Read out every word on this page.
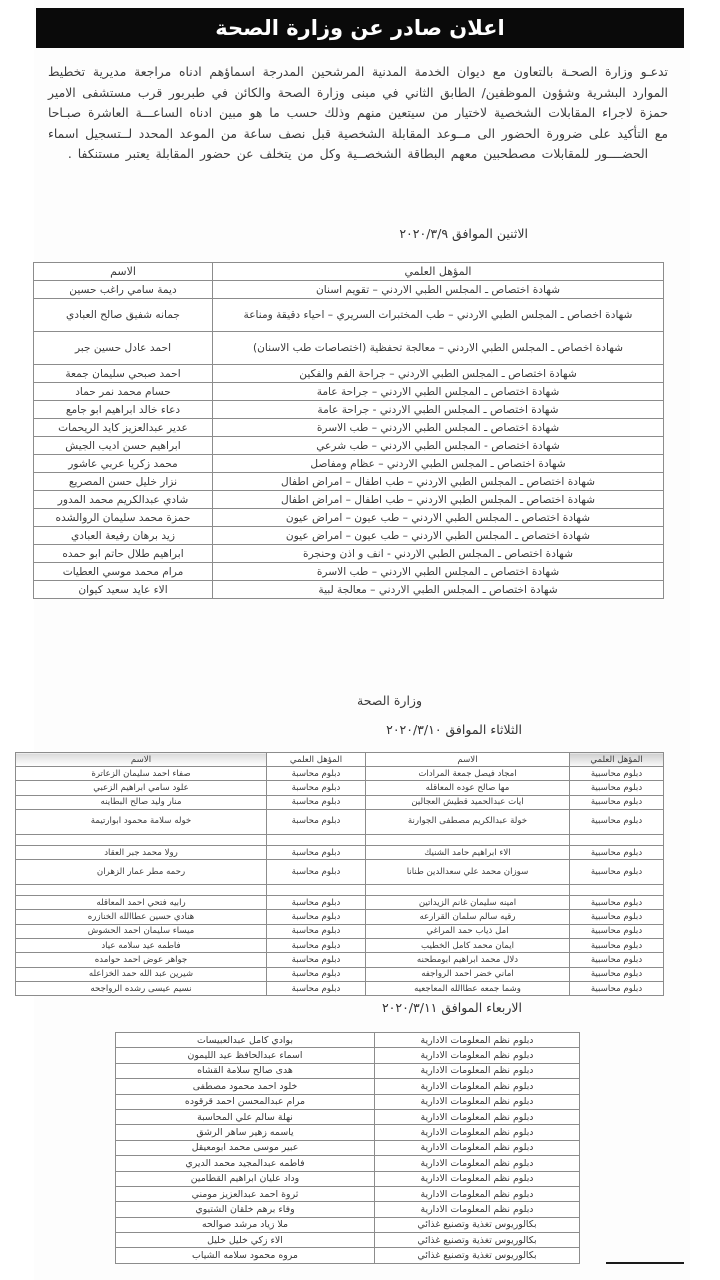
اعلان صادر عن وزارة الصحة
تدعـو وزارة الصحـة بالتعاون مع ديوان الخدمة المدنية المرشحين المدرجة اسماؤهم ادناه مراجعة مديرية تخطيط الموارد البشرية وشؤون الموظفين/ الطابق الثاني في مبنى وزارة الصحة والكائن في طبربور قرب مستشفى الامير حمزة لاجراء المقابلات الشخصية لاختيار من سيتعين منهم وذلك حسب ما هو مبين ادناه الساعـــة العاشرة صبـاحا مع التأكيد على ضرورة الحضور الى مــوعد المقابلة الشخصية قبل نصف ساعة من الموعد المحدد لــتسجيل اسماء الحضــــور للمقابلات مصطحبين معهم البطاقة الشخصــية وكل من يتخلف عن حضور المقابلة يعتبر مستنكفا .
الاثنين الموافق ٢٠٢٠/٣/٩
المؤهل العلمي	الاسم
شهادة اختصاص ـ المجلس الطبي الاردني – تقويم اسنان	ديمة سامي راغب حسين
شهادة اخصاص ـ المجلس الطبي الاردني – طب المختبرات السريري – احياء دقيقة ومناعة	جمانه شفيق صالح العبادي
شهادة اخصاص ـ المجلس الطبي الاردني – معالجة تحفظية (اختصاصات طب الاسنان)	احمد عادل حسين جبر
شهادة اختصاص ـ المجلس الطبي الاردني – جراحة الفم والفكين	احمد صبحي سليمان جمعة
شهادة اختصاص ـ المجلس الطبي الاردني – جراحة عامة	حسام محمد نمر حماد
شهادة اختصاص ـ المجلس الطبي الاردني - جراحة عامة	دعاء خالد ابراهيم ابو جامع
شهادة اختصاص ـ المجلس الطبي الاردني – طب الاسرة	عدير عبدالعزيز كايد الريحمات
شهادة اختصاص - المجلس الطبي الاردني – طب شرعي	ابراهيم حسن اديب الجيش
شهادة اختصاص ـ المجلس الطبي الاردني – عظام ومفاصل	محمد زكريا عربي عاشور
شهادة اختصاص ـ المجلس الطبي الاردني – طب اطفال – امراض اطفال	نزار خليل حسن المصريع
شهادة اختصاص ـ المجلس الطبي الاردني – طب اطفال – امراض اطفال	شادي عبدالكريم محمد المدور
شهادة اختصاص ـ المجلس الطبي الاردني – طب عيون – امراض عيون	حمزة محمد سليمان الروالشده
شهادة اختصاص ـ المجلس الطبي الاردني – طب عيون – امراض عيون	زيد برهان رفيعة العبادي
شهادة اختصاص ـ المجلس الطبي الاردني - انف و اذن وحنجرة	ابراهيم طلال حاتم ابو حمده
شهادة اختصاص ـ المجلس الطبي الاردني – طب الاسرة	مرام محمد موسي العطيات
شهادة اختصاص ـ المجلس الطبي الاردني – معالجة لبية	الاء عايد سعيد كيوان
وزارة الصحة
الثلاثاء الموافق ٢٠٢٠/٣/١٠
المؤهل العلمي	الاسم	المؤهل العلمي	الاسم
دبلوم محاسبية	امجاد فيصل جمعة المرادات	دبلوم محاسبة	صفاء احمد سليمان الزعاترة
دبلوم محاسبية	مها صالح عوده المعاقله	دبلوم محاسبة	علود سامي ابراهيم الزعبي
دبلوم محاسبية	ايات عبدالحميد قطيش العجالين	دبلوم محاسبة	منار وليد صالح البطاينه
دبلوم محاسبية	خولة عبدالكريم مصطفى الجوارنة	دبلوم محاسبة	خوله سلامة محمود ابوارتيمة

دبلوم محاسبية	الاء ابراهيم حامد الشنيك	دبلوم محاسبة	رولا محمد جبر العقاد
دبلوم محاسبية	سوزان محمد علي سعدالدين طنانا	دبلوم محاسبة	رحمه مطر عمار الزهران

دبلوم محاسبية	امينه سليمان غانم الزيداتين	دبلوم محاسبة	رابيه فتحي احمد المعاقله
دبلوم محاسبية	رقيه سالم سلمان القرارعه	دبلوم محاسبة	هنادي حسين عطاالله الخنازره
دبلوم محاسبية	امل ذياب حمد المراغي	دبلوم محاسبة	ميساء سليمان احمد الحشوش
دبلوم محاسبية	ايمان محمد كامل الخطيب	دبلوم محاسبة	فاطمه عيد سلامه عياد
دبلوم محاسبية	دلال محمد ابراهيم ابومطحنه	دبلوم محاسبة	جواهر عوض احمد حوامده
دبلوم محاسبية	اماني خضر احمد الرواجفه	دبلوم محاسبة	شيرين عبد الله حمد الخزاعله
دبلوم محاسبية	وشما جمعه عطاالله المعاجعيه	دبلوم محاسبة	نسيم عيسى رشده الرواجحه
الاربعاء الموافق ٢٠٢٠/٣/١١
دبلوم نظم المعلومات الادارية	بوادي كامل عبدالعبيسات
دبلوم نظم المعلومات الادارية	اسماء عبدالحافظ عيد الليمون
دبلوم نظم المعلومات الادارية	هدى صالح سلامة القشاه
دبلوم نظم المعلومات الادارية	خلود احمد محمود مصطفى
دبلوم نظم المعلومات الادارية	مرام عبدالمحسن احمد قرقوده
دبلوم نظم المعلومات الادارية	نهلة سالم علي المحاسبة
دبلوم نظم المعلومات الادارية	ياسمه زهير ساهر الرشق
دبلوم نظم المعلومات الادارية	عبير موسى محمد ابومعيقل
دبلوم نظم المعلومات الادارية	فاطمه عبدالمجيد محمد الديري
دبلوم نظم المعلومات الادارية	وداد عليان ابراهيم القطامين
دبلوم نظم المعلومات الادارية	ثروة احمد عبدالعزيز مومني
دبلوم نظم المعلومات الادارية	وفاء برهم خلقان الشتيوي
بكالوريوس تغذية وتصنيع غذائي	ملا زياد مرشد صوالحه
بكالوريوس تغذية وتصنيع غذائي	الاء زكي خليل خليل
بكالوريوس تغذية وتصنيع غذائي	مروه محمود سلامه الشياب
